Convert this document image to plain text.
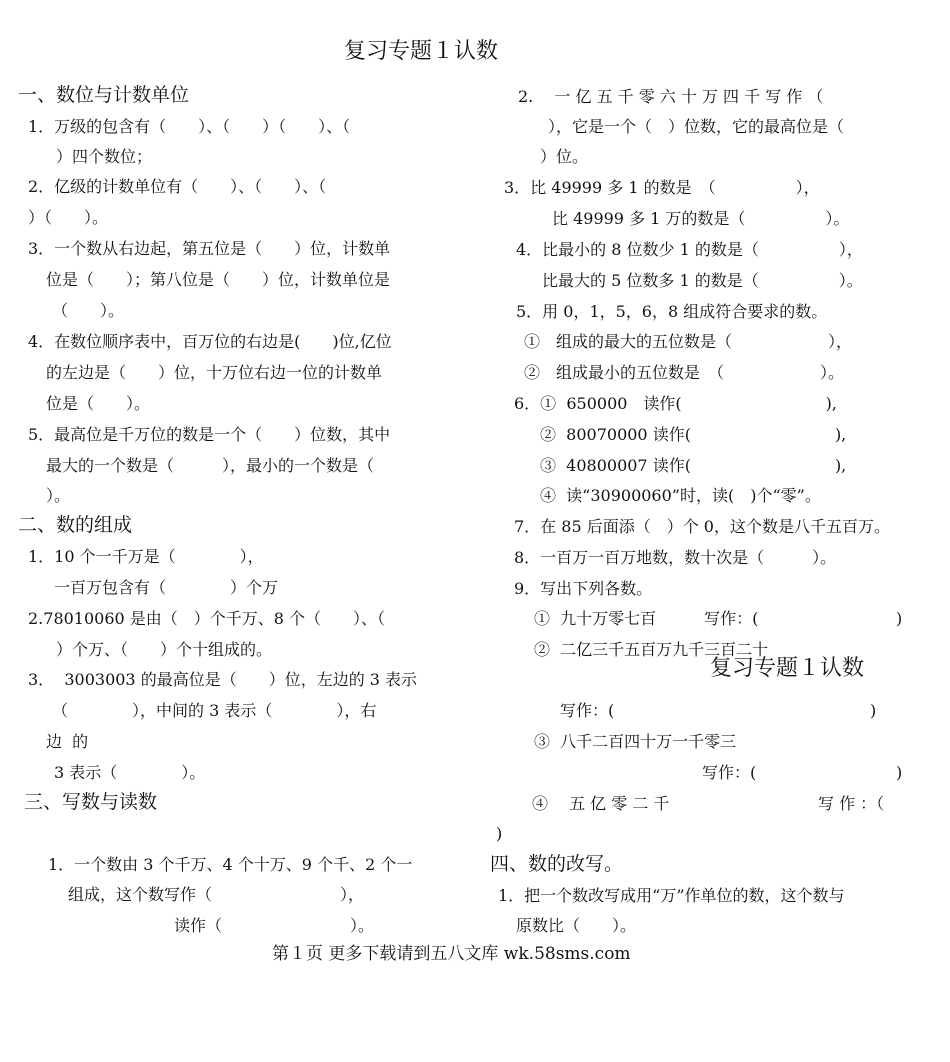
复习专题１认数
一、数位与计数单位
1．万级的包含有（　　）、（　　）（　　）、（
）四个数位；
2．亿级的计数单位有（　　）、（　　）、（
）（　　）。
3．一个数从右边起，第五位是（　　）位，计数单
位是（　　）；第八位是（　　）位，计数单位是
（　　）。
4．在数位顺序表中，百万位的右边是(　　)位,亿位
的左边是（　　）位，十万位右边一位的计数单
位是（　　）。
5．最高位是千万位的数是一个（　　）位数，其中
最大的一个数是（　　　），最小的一个数是（
）。
二、数的组成
1．10 个一千万是（　　　　），
一百万包含有（　　　　）个万
2.78010060 是由（　）个千万、8 个（　　）、（
）个万、（　　）个十组成的。
3．  3003003 的最高位是（　　）位，左边的 3 表示
（　　　　），中间的 3 表示（　　　　），右
边  的
3 表示（　　　　）。
三、写数与读数
1．一个数由 3 个千万、4 个十万、9 个千、2 个一
组成，这个数写作（　　　　　　　　），
读作（　　　　　　　　）。
2.　 一 亿 五 千 零 六 十 万 四 千 写 作 （
），它是一个（　）位数，它的最高位是（
）位。
3．比 49999 多 1 的数是　（　　　　　），
比 49999 多 1 万的数是（　　　　　）。
4．比最小的 8 位数少 1 的数是（　　　　　），
比最大的 5 位数多 1 的数是（　　　　　）。
5．用 0，1，5，6，8 组成符合要求的数。
①　组成的最大的五位数是（　　　　　　），
②　组成最小的五位数是　（　　　　　　）。
6．①  650000　读作(　　　　　　　　　),
②  80070000 读作(　　　　　　　　　),
③  40800007 读作(　　　　　　　　　),
④  读“30900060”时，读(　)个“零”。
7．在 85 后面添（　）个 0，这个数是八千五百万。
8．一百万一百万地数，数十次是（　　　）。
9．写出下列各数。
①  九十万零七百　　　写作：(	)
②  二亿三千五百万九千三百二十
复习专题１认数
写作：(	)
③  八千二百四十万一千零三
写作：(	)
④　 五 亿 零 二 千	写 作 ：（
)
四、数的改写。
1．把一个数改写成用“万”作单位的数，这个数与
原数比（　　）。
第１页 更多下载请到五八文库 wk.58sms.com
